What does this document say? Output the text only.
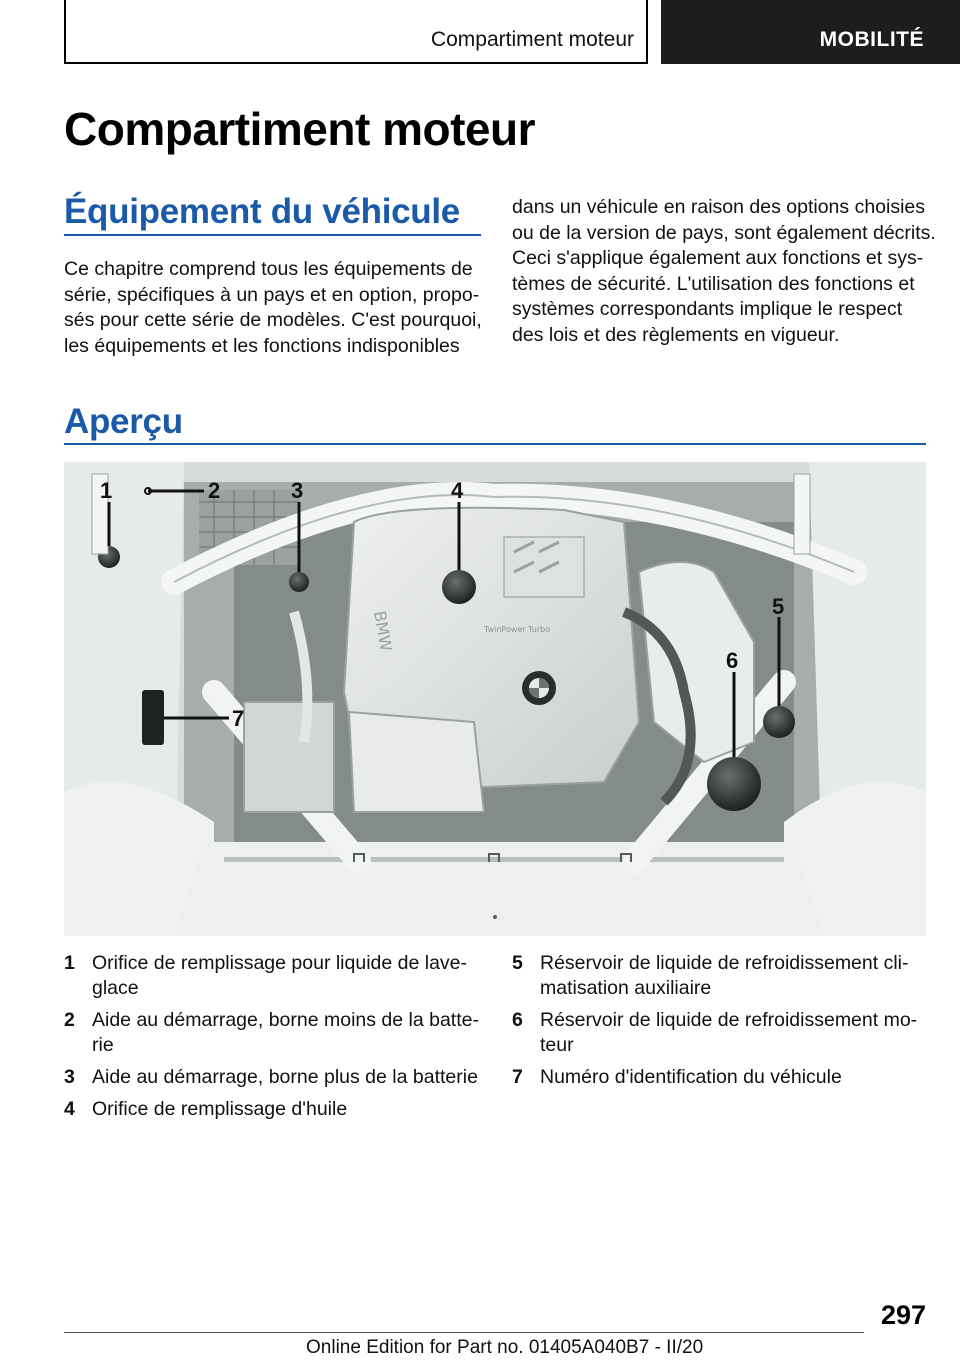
Compartiment moteur	MOBILITÉ
Compartiment moteur
Équipement du véhicule

Ce chapitre comprend tous les équipements de
série, spécifiques à un pays et en option, propo-
sés pour cette série de modèles. C'est pourquoi,
les équipements et les fonctions indisponibles

dans un véhicule en raison des options choisies
ou de la version de pays, sont également décrits.
Ceci s'applique également aux fonctions et sys-
tèmes de sécurité. L'utilisation des fonctions et
systèmes correspondants implique le respect
des lois et des règlements en vigueur.

Aperçu
BMW	TwinPower Turbo
1	2	3	4
5
6
7
1 Orifice de remplissage pour liquide de lave-
glace
2 Aide au démarrage, borne moins de la batte-
rie
3 Aide au démarrage, borne plus de la batterie
4 Orifice de remplissage d'huile
5 Réservoir de liquide de refroidissement cli-
matisation auxiliaire
6 Réservoir de liquide de refroidissement mo-
teur
7 Numéro d'identification du véhicule
297
Online Edition for Part no. 01405A040B7 - II/20
